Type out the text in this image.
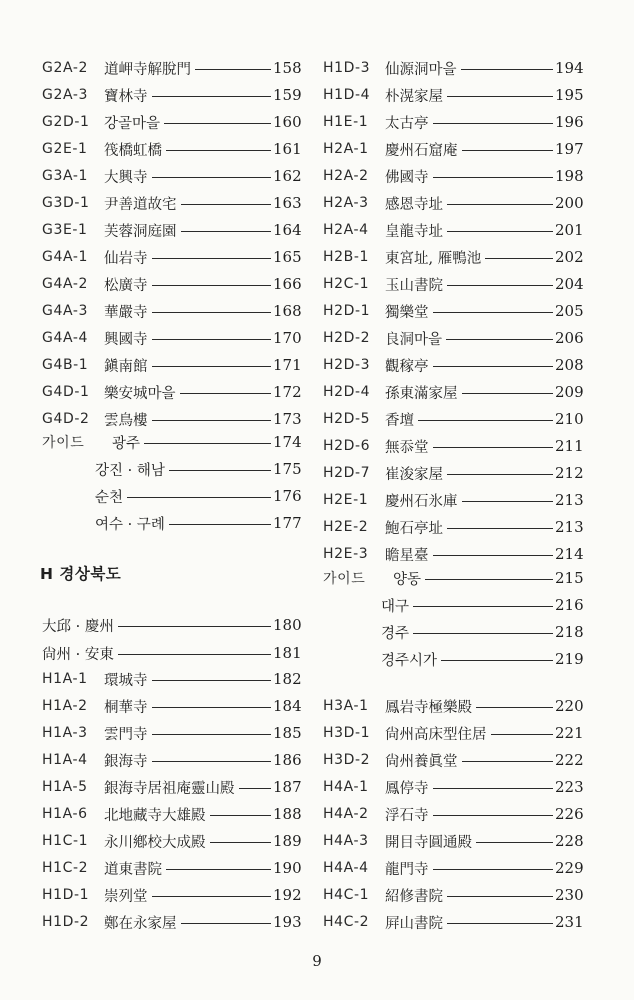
G2A-2	道岬寺解脫門	158
G2A-3	寶林寺	159
G2D-1	강골마을	160
G2E-1	筏橋虹橋	161
G3A-1	大興寺	162
G3D-1	尹善道故宅	163
G3E-1	芙蓉洞庭園	164
G4A-1	仙岩寺	165
G4A-2	松廣寺	166
G4A-3	華嚴寺	168
G4A-4	興國寺	170
G4B-1	鎭南館	171
G4D-1	樂安城마을	172
G4D-2	雲鳥樓	173
가이드	광주	174
강진 · 해남	175
순천	176
여수 · 구례	177
大邱 · 慶州	180
尙州 · 安東	181
H1A-1	環城寺	182
H1A-2	桐華寺	184
H1A-3	雲門寺	185
H1A-4	銀海寺	186
H1A-5	銀海寺居祖庵靈山殿	187
H1A-6	北地藏寺大雄殿	188
H1C-1	永川鄕校大成殿	189
H1C-2	道東書院	190
H1D-1	崇列堂	192
H1D-2	鄭在永家屋	193
H 경상북도
H1D-3	仙源洞마을	194
H1D-4	朴滉家屋	195
H1E-1	太古亭	196
H2A-1	慶州石窟庵	197
H2A-2	佛國寺	198
H2A-3	感恩寺址	200
H2A-4	皇龍寺址	201
H2B-1	東宮址, 雁鴨池	202
H2C-1	玉山書院	204
H2D-1	獨樂堂	205
H2D-2	良洞마을	206
H2D-3	觀稼亭	208
H2D-4	孫東滿家屋	209
H2D-5	香壇	210
H2D-6	無忝堂	211
H2D-7	崔浚家屋	212
H2E-1	慶州石氷庫	213
H2E-2	鮑石亭址	213
H2E-3	瞻星臺	214
가이드	양동	215
대구	216
경주	218
경주시가	219
H3A-1	鳳岩寺極樂殿	220
H3D-1	尙州高床型住居	221
H3D-2	尙州養眞堂	222
H4A-1	鳳停寺	223
H4A-2	浮石寺	226
H4A-3	開目寺圓通殿	228
H4A-4	龍門寺	229
H4C-1	紹修書院	230
H4C-2	屛山書院	231
9
